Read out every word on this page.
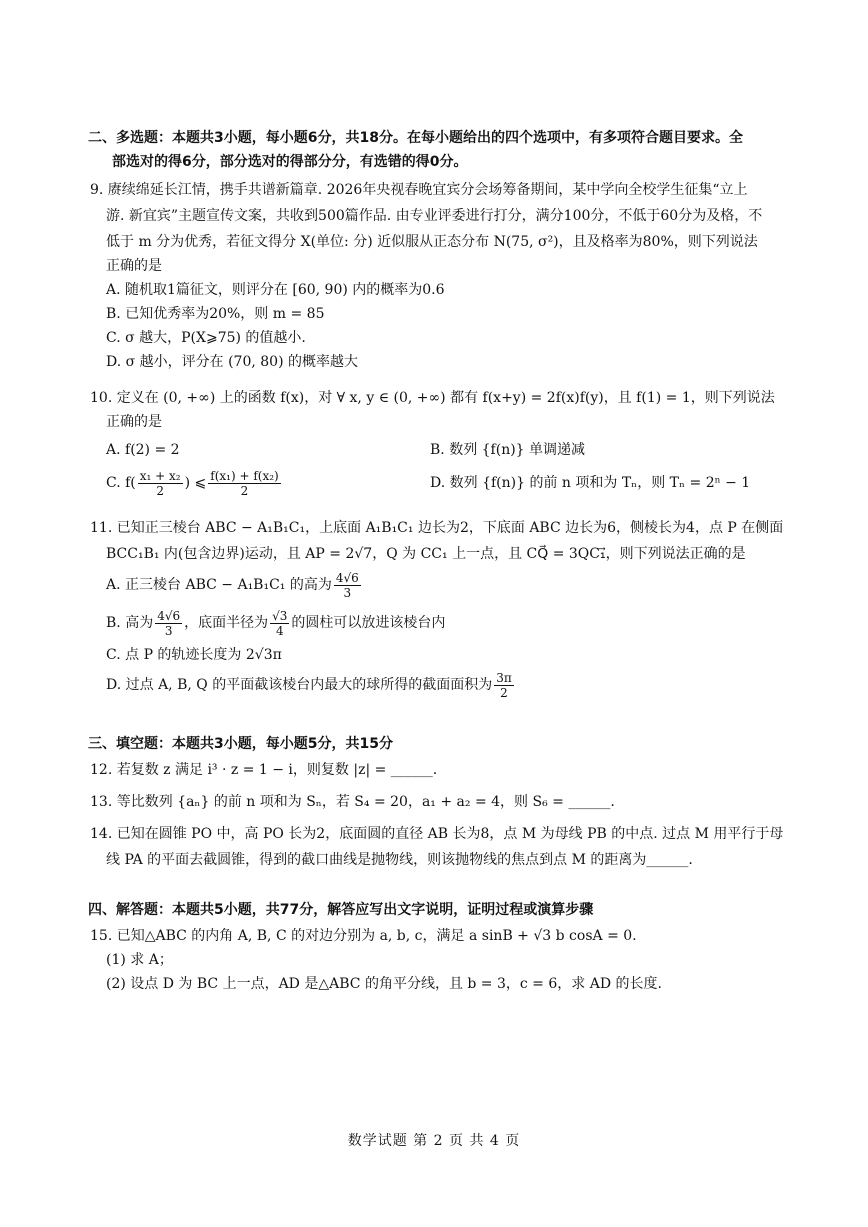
二、多选题：本题共3小题，每小题6分，共18分。在每小题给出的四个选项中，有多项符合题目要求。全
部选对的得6分，部分选对的得部分分，有选错的得0分。
9. 赓续绵延长江情，携手共谱新篇章. 2026年央视春晚宜宾分会场筹备期间，某中学向全校学生征集“立上
游. 新宜宾”主题宣传文案，共收到500篇作品. 由专业评委进行打分，满分100分，不低于60分为及格，不
低于 m 分为优秀，若征文得分 X(单位: 分) 近似服从正态分布 N(75, σ²)，且及格率为80%，则下列说法
正确的是
A. 随机取1篇征文，则评分在 [60, 90) 内的概率为0.6
B. 已知优秀率为20%，则 m = 85
C. σ 越大，P(X⩾75) 的值越小.
D. σ 越小，评分在 (70, 80) 的概率越大
10. 定义在 (0, +∞) 上的函数 f(x)，对 ∀ x, y ∈ (0, +∞) 都有 f(x+y) = 2f(x)f(y)，且 f(1) = 1，则下列说法
正确的是
A. f(2) = 2	B. 数列 {f(n)} 单调递减
C. $f( \frac{\text{x₁ + x₂}}{2}$ ) ⩽ $\frac{\text{f(x₁) + f(x₂)}}{2}$	D. 数列 {f(n)} 的前 n 项和为 Tₙ，则 Tₙ = 2ⁿ − 1
11. 已知正三棱台 ABC − A₁B₁C₁，上底面 A₁B₁C₁ 边长为2，下底面 ABC 边长为6，侧棱长为4，点 P 在侧面
BCC₁B₁ 内(包含边界)运动，且 AP = 2√7，Q 为 CC₁ 上一点，且 CQ⃗ = 3QC₁⃗，则下列说法正确的是
A. 正三棱台 ABC − A₁B₁C₁ 的高为 $\frac{4√6}{3}$
B. 高为 $\frac{4√6}{3}$ ，底面半径为 $\frac{√3}{4}$ 的圆柱可以放进该棱台内
C. 点 P 的轨迹长度为 2√3π
D. 过点 A, B, Q 的平面截该棱台内最大的球所得的截面面积为 $\frac{3\pi}{2}$
三、填空题：本题共3小题，每小题5分，共15分
12. 若复数 z 满足 i³ · z = 1 − i，则复数 |z| = ______.
13. 等比数列 {aₙ} 的前 n 项和为 Sₙ，若 S₄ = 20，a₁ + a₂ = 4，则 S₆ = ______.
14. 已知在圆锥 PO 中，高 PO 长为2，底面圆的直径 AB 长为8，点 M 为母线 PB 的中点. 过点 M 用平行于母
线 PA 的平面去截圆锥，得到的截口曲线是抛物线，则该抛物线的焦点到点 M 的距离为______.
四、解答题：本题共5小题，共77分，解答应写出文字说明，证明过程或演算步骤
15. 已知△ABC 的内角 A, B, C 的对边分别为 a, b, c，满足 a sinB + √3 b cosA = 0.
(1) 求 A；
(2) 设点 D 为 BC 上一点，AD 是△ABC 的角平分线，且 b = 3，c = 6，求 AD 的长度.
数学试题 第 2 页 共 4 页
